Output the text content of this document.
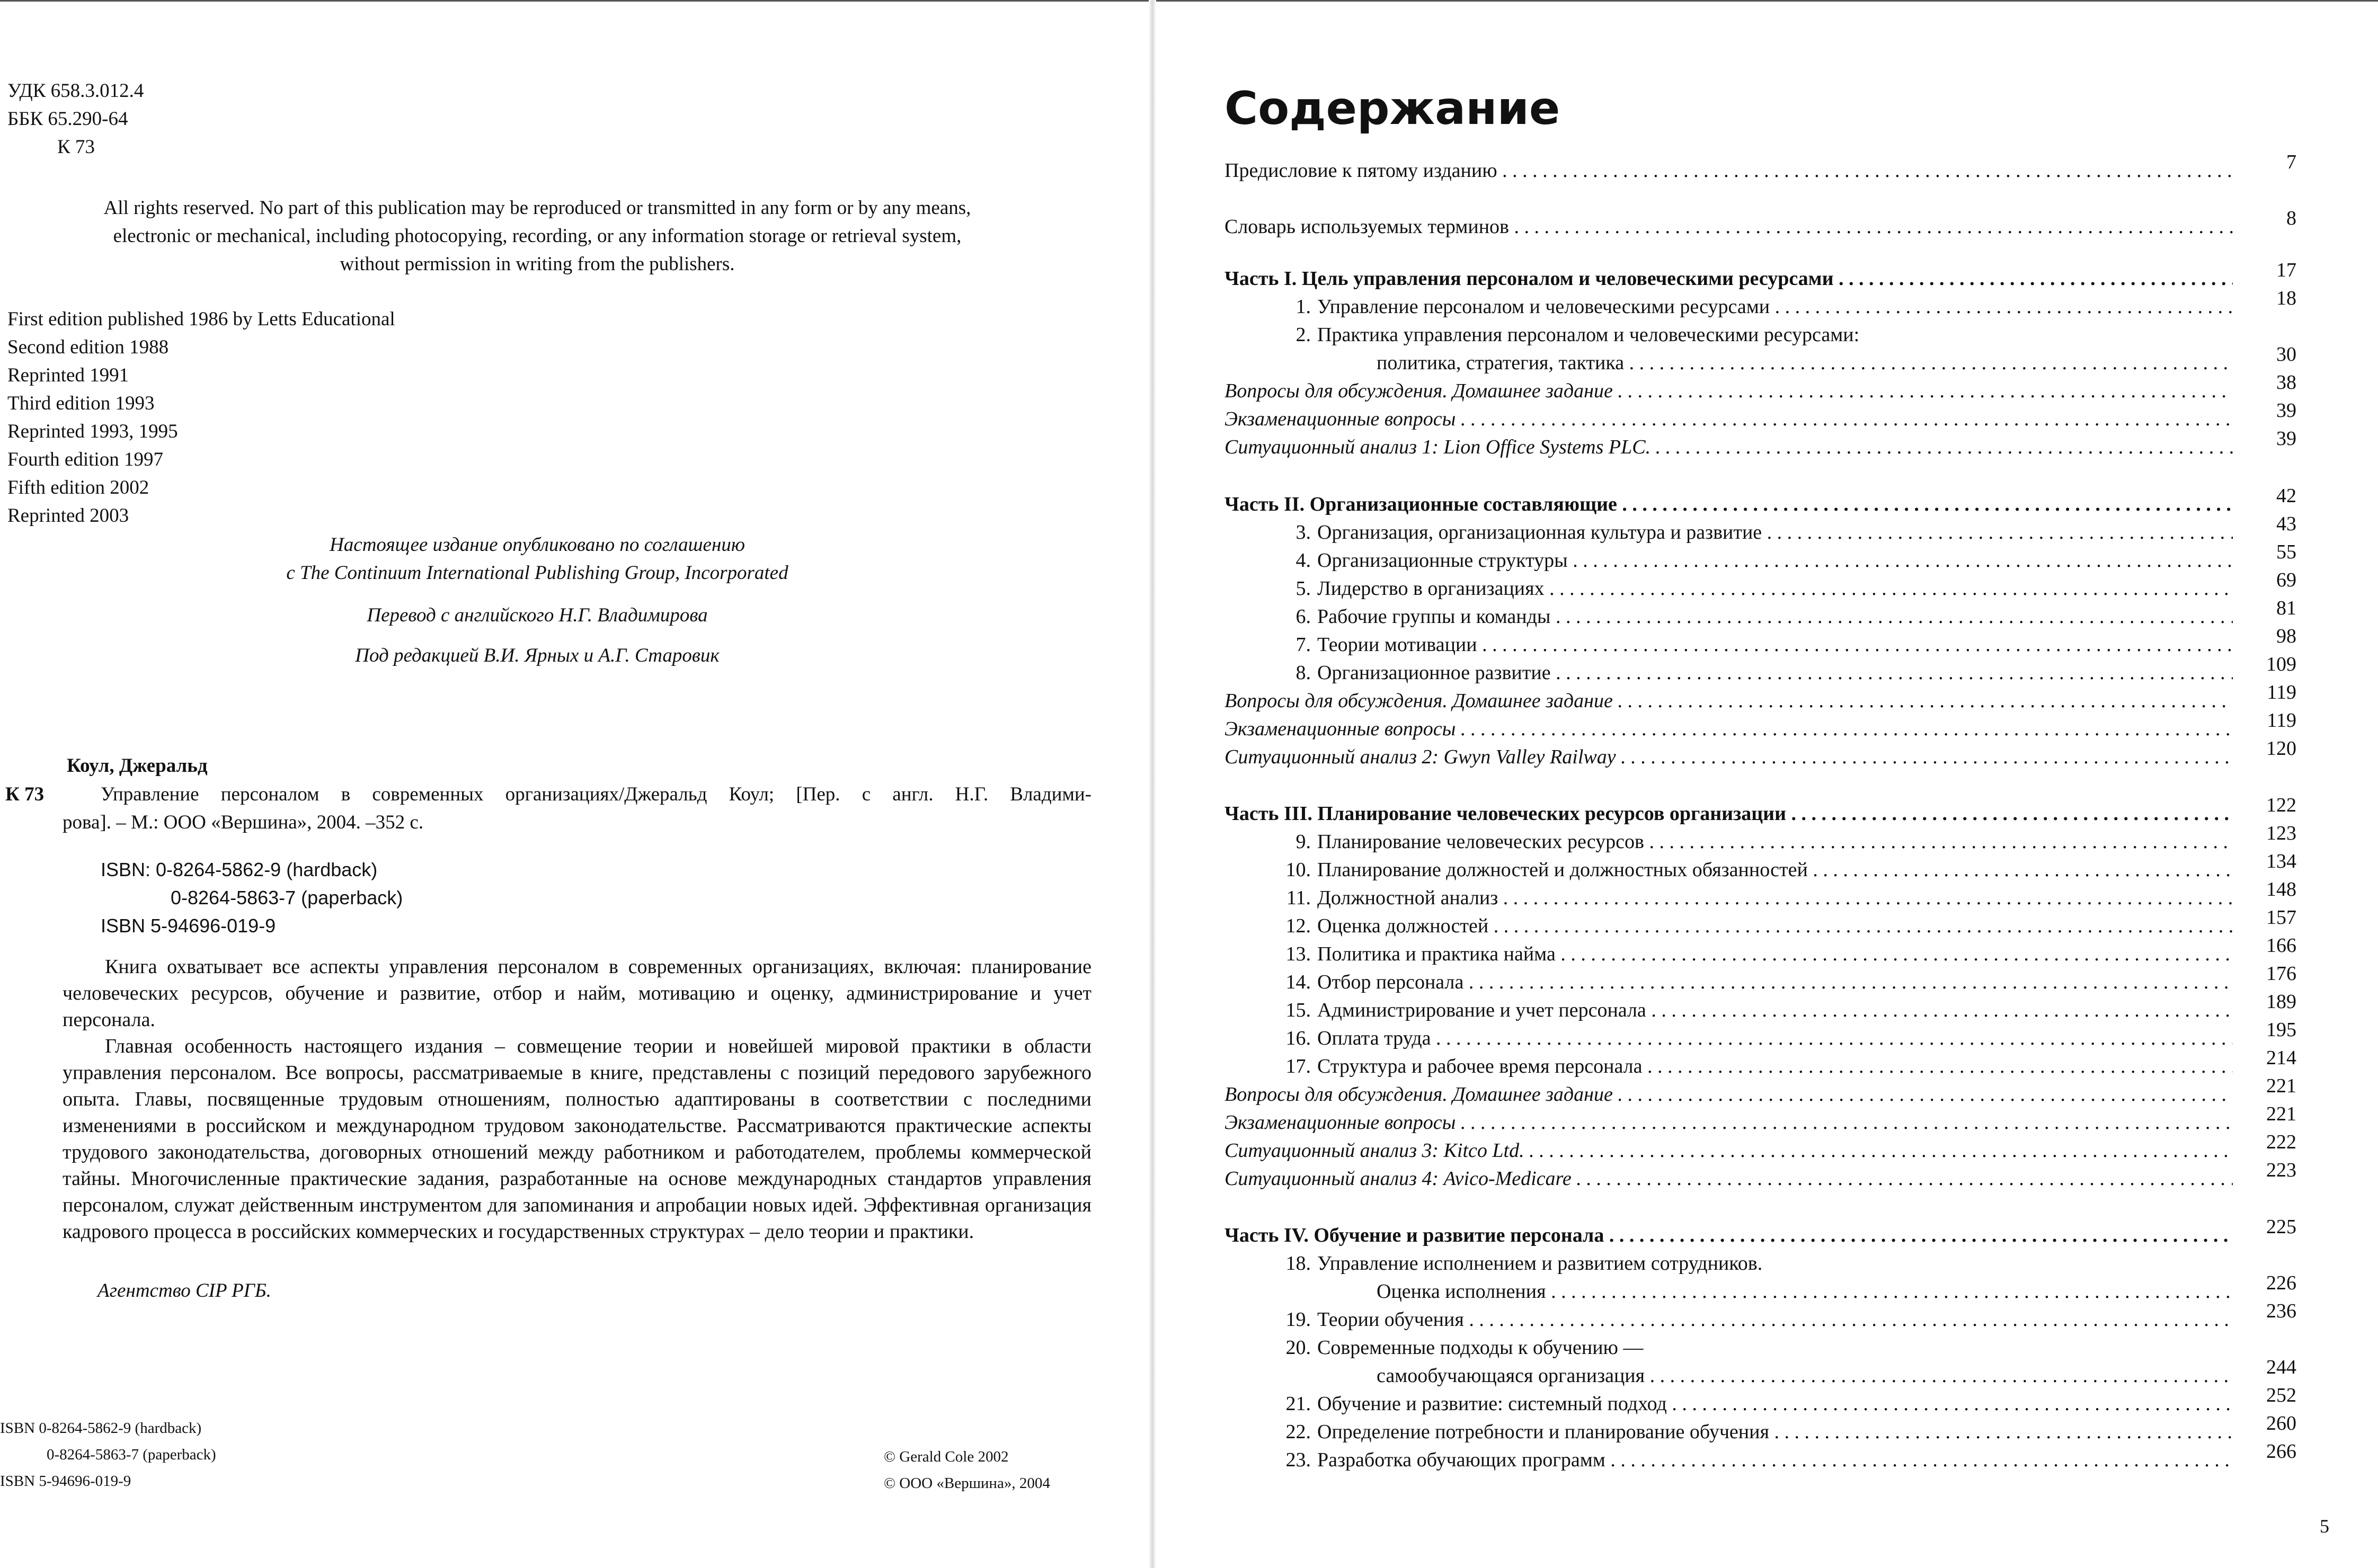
УДК 658.3.012.4
ББК 65.290-64
К 73
All rights reserved. No part of this publication may be reproduced or transmitted in any form or by any means,
electronic or mechanical, including photocopying, recording, or any information storage or retrieval system,
without permission in writing from the publishers.
First edition published 1986 by Letts Educational
Second edition 1988
Reprinted 1991
Third edition 1993
Reprinted 1993, 1995
Fourth edition 1997
Fifth edition 2002
Reprinted 2003
Настоящее издание опубликовано по соглашению
с The Continuum International Publishing Group, Incorporated
Перевод с английского Н.Г. Владимирова
Под редакцией В.И. Ярных и А.Г. Старовик
Коул, Джеральд
К 73	Управление персоналом в современных организациях/Джеральд Коул; [Пер. с англ. Н.Г. Владими-
рова]. – М.: ООО «Вершина», 2004. –352 с.
ISBN: 0-8264-5862-9 (hardback)
0-8264-5863-7 (paperback)
ISBN 5-94696-019-9

Книга охватывает все аспекты управления персоналом в современных организациях, включая: планирование человеческих ресурсов, обучение и развитие, отбор и найм, мотивацию и оценку, администрирование и учет персонала.

Главная особенность настоящего издания – совмещение теории и новейшей мировой практики в области управления персоналом. Все вопросы, рассматриваемые в книге, представлены с позиций передового зарубежного опыта. Главы, посвященные трудовым отношениям, полностью адаптированы в соответствии с последними изменениями в российском и международном трудовом законодательстве. Рассматриваются практические аспекты трудового законодательства, договорных отношений между работником и работодателем, проблемы коммерческой тайны. Многочисленные практические задания, разработанные на основе международных стандартов управления персоналом, служат действенным инструментом для запоминания и апробации новых идей. Эффективная организация кадрового процесса в российских коммерческих и государственных структурах – дело теории и практики.

Агентство CIP РГБ.
ISBN 0-8264-5862-9 (hardback)
0-8264-5863-7 (paperback)
ISBN 5-94696-019-9
© Gerald Cole 2002
© ООО «Вершина», 2004
Содержание
Предисловие к пятому изданию . . .	7
Словарь используемых терминов . . .	8
Часть I. Цель управления персоналом и человеческими ресурсами . . .	17
1. Управление персоналом и человеческими ресурсами . . .	18
2. Практика управления персоналом и человеческими ресурсами:
политика, стратегия, тактика . . .	30
Вопросы для обсуждения. Домашнее задание . . .	38
Экзаменационные вопросы . . .	39
Ситуационный анализ 1: Lion Office Systems PLC. . . .	39
Часть II. Организационные составляющие . . .	42
3. Организация, организационная культура и развитие . . .	43
4. Организационные структуры . . .	55
5. Лидерство в организациях . . .	69
6. Рабочие группы и команды . . .	81
7. Теории мотивации . . .	98
8. Организационное развитие . . .	109
Вопросы для обсуждения. Домашнее задание . . .	119
Экзаменационные вопросы . . .	119
Ситуационный анализ 2: Gwyn Valley Railway . . .	120
Часть III. Планирование человеческих ресурсов организации . . .	122
9. Планирование человеческих ресурсов . . .	123
10. Планирование должностей и должностных обязанностей . . .	134
11. Должностной анализ . . .	148
12. Оценка должностей . . .	157
13. Политика и практика найма . . .	166
14. Отбор персонала . . .	176
15. Администрирование и учет персонала . . .	189
16. Оплата труда . . .	195
17. Структура и рабочее время персонала . . .	214
Вопросы для обсуждения. Домашнее задание . . .	221
Экзаменационные вопросы . . .	221
Ситуационный анализ 3: Kitco Ltd. . . .	222
Ситуационный анализ 4: Avico-Medicare . . .	223
Часть IV. Обучение и развитие персонала . . .	225
18. Управление исполнением и развитием сотрудников.
Оценка исполнения . . .	226
19. Теории обучения . . .	236
20. Современные подходы к обучению —
самообучающаяся организация . . .	244
21. Обучение и развитие: системный подход . . .	252
22. Определение потребности и планирование обучения . . .	260
23. Разработка обучающих программ . . .	266
5
